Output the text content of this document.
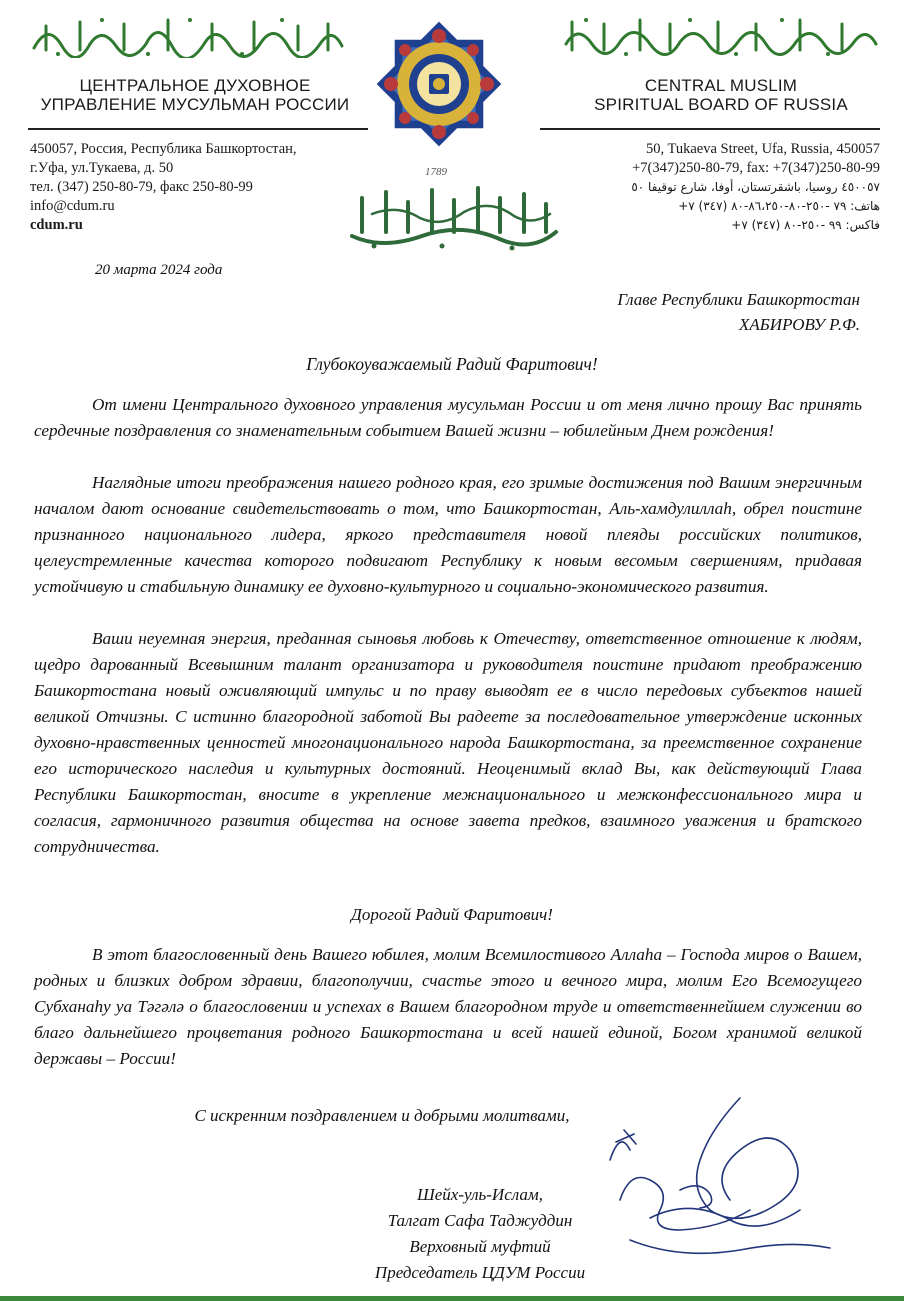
ЦЕНТРАЛЬНОЕ ДУХОВНОЕ
УПРАВЛЕНИЕ МУСУЛЬМАН РОССИИ
CENTRAL MUSLIM
SPIRITUAL BOARD OF RUSSIA
450057, Россия, Республика Башкортостан,
г.Уфа, ул.Тукаева, д. 50
тел. (347) 250-80-79, факс 250-80-99
info@cdum.ru
cdum.ru
50, Tukaeva Street, Ufa, Russia, 450057
+7(347)250-80-79, fax: +7(347)250-80-99
٤٥٠٠٥٧ روسيا، باشقرتستان، أوفا، شارع توقيفا ٥٠
هاتف: ٧٩ -٢٥٠-٨٠-٨٦،٢٥٠-٨٠ (٣٤٧) ٧+
فاكس: ٩٩ -٢٥٠-٨٠ (٣٤٧) ٧+
1789
20 марта 2024 года
Главе Республики Башкортостан
ХАБИРОВУ Р.Ф.
Глубокоуважаемый Радий Фаритович!
От имени Центрального духовного управления мусульман России и от меня лично прошу Вас принять сердечные поздравления со знаменательным событием Вашей жизни – юбилейным Днем рождения!
Наглядные итоги преображения нашего родного края, его зримые достижения под Вашим энергичным началом дают основание свидетельствовать о том, что Башкортостан, Аль-хамдулиллаһ, обрел поистине признанного национального лидера, яркого представителя новой плеяды российских политиков, целеустремленные качества которого подвигают Республику к новым весомым свершениям, придавая устойчивую и стабильную динамику ее духовно-культурного и социально-экономического развития.
Ваши неуемная энергия, преданная сыновья любовь к Отечеству, ответственное отношение к людям, щедро дарованный Всевышним талант организатора и руководителя поистине придают преображению Башкортостана новый оживляющий импульс и по праву выводят ее в число передовых субъектов нашей великой Отчизны. С истинно благородной заботой Вы радеете за последовательное утверждение исконных духовно-нравственных ценностей многонационального народа Башкортостана, за преемственное сохранение его исторического наследия и культурных достояний. Неоценимый вклад Вы, как действующий Глава Республики Башкортостан, вносите в укрепление межнационального и межконфессионального мира и согласия, гармоничного развития общества на основе завета предков, взаимного уважения и братского сотрудничества.
Дорогой Радий Фаритович!
В этот благословенный день Вашего юбилея, молим Всемилостивого Аллаһа – Господа миров о Вашем, родных и близких добром здравии, благополучии, счастье этого и вечного мира, молим Его Всемогущего Субханаһу уа Тәгәлә о благословении и успехах в Вашем благородном труде и ответственнейшем служении во благо дальнейшего процветания родного Башкортостана и всей нашей единой, Богом хранимой великой державы – России!
С искренним поздравлением и добрыми молитвами,
Шейх-уль-Ислам,
Талгат Сафа Таджуддин
Верховный муфтий
Председатель ЦДУМ России
